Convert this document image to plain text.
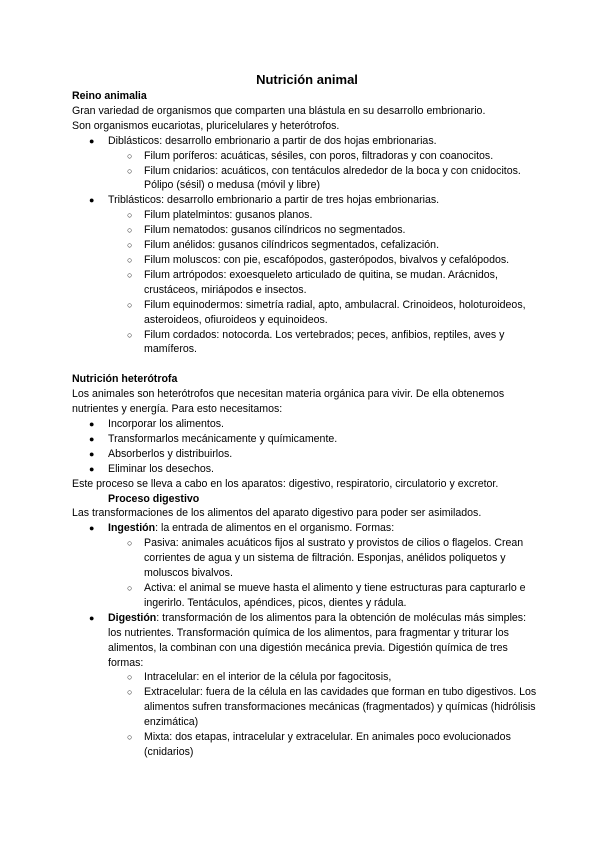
Nutrición animal

Reino animalia

Gran variedad de organismos que comparten una blástula en su desarrollo embrionario.

Son organismos eucariotas, pluricelulares y heterótrofos.

● Diblásticos: desarrollo embrionario a partir de dos hojas embrionarias.
○ Filum poríferos: acuáticas, sésiles, con poros, filtradoras y con coanocitos.
○ Filum cnidarios: acuáticos, con tentáculos alrededor de la boca y con cnidocitos. Pólipo (sésil) o medusa (móvil y libre)
● Triblásticos: desarrollo embrionario a partir de tres hojas embrionarias.
○ Filum platelmintos: gusanos planos.
○ Filum nematodos: gusanos cilíndricos no segmentados.
○ Filum anélidos: gusanos cilíndricos segmentados, cefalización.
○ Filum moluscos: con pie, escafópodos, gasterópodos, bivalvos y cefalópodos.
○ Filum artrópodos: exoesqueleto articulado de quitina, se mudan. Arácnidos, crustáceos, miriápodos e insectos.
○ Filum equinodermos: simetría radial, apto, ambulacral. Crinoideos, holoturoideos, asteroideos, ofiuroideos y equinoideos.
○ Filum cordados: notocorda. Los vertebrados; peces, anfibios, reptiles, aves y mamíferos.

Nutrición heterótrofa

Los animales son heterótrofos que necesitan materia orgánica para vivir. De ella obtenemos nutrientes y energía. Para esto necesitamos:

● Incorporar los alimentos.
● Transformarlos mecánicamente y químicamente.
● Absorberlos y distribuirlos.
● Eliminar los desechos.

Este proceso se lleva a cabo en los aparatos: digestivo, respiratorio, circulatorio y excretor.

Proceso digestivo

Las transformaciones de los alimentos del aparato digestivo para poder ser asimilados.

● Ingestión: la entrada de alimentos en el organismo. Formas:
○ Pasiva: animales acuáticos fijos al sustrato y provistos de cilios o flagelos. Crean corrientes de agua y un sistema de filtración. Esponjas, anélidos poliquetos y moluscos bivalvos.
○ Activa: el animal se mueve hasta el alimento y tiene estructuras para capturarlo e ingerirlo. Tentáculos, apéndices, picos, dientes y rádula.
● Digestión: transformación de los alimentos para la obtención de moléculas más simples: los nutrientes. Transformación química de los alimentos, para fragmentar y triturar los alimentos, la combinan con una digestión mecánica previa. Digestión química de tres formas:
○ Intracelular: en el interior de la célula por fagocitosis,
○ Extracelular: fuera de la célula en las cavidades que forman en tubo digestivos. Los alimentos sufren transformaciones mecánicas (fragmentados) y químicas (hidrólisis enzimática)
○ Mixta: dos etapas, intracelular y extracelular. En animales poco evolucionados (cnidarios)
